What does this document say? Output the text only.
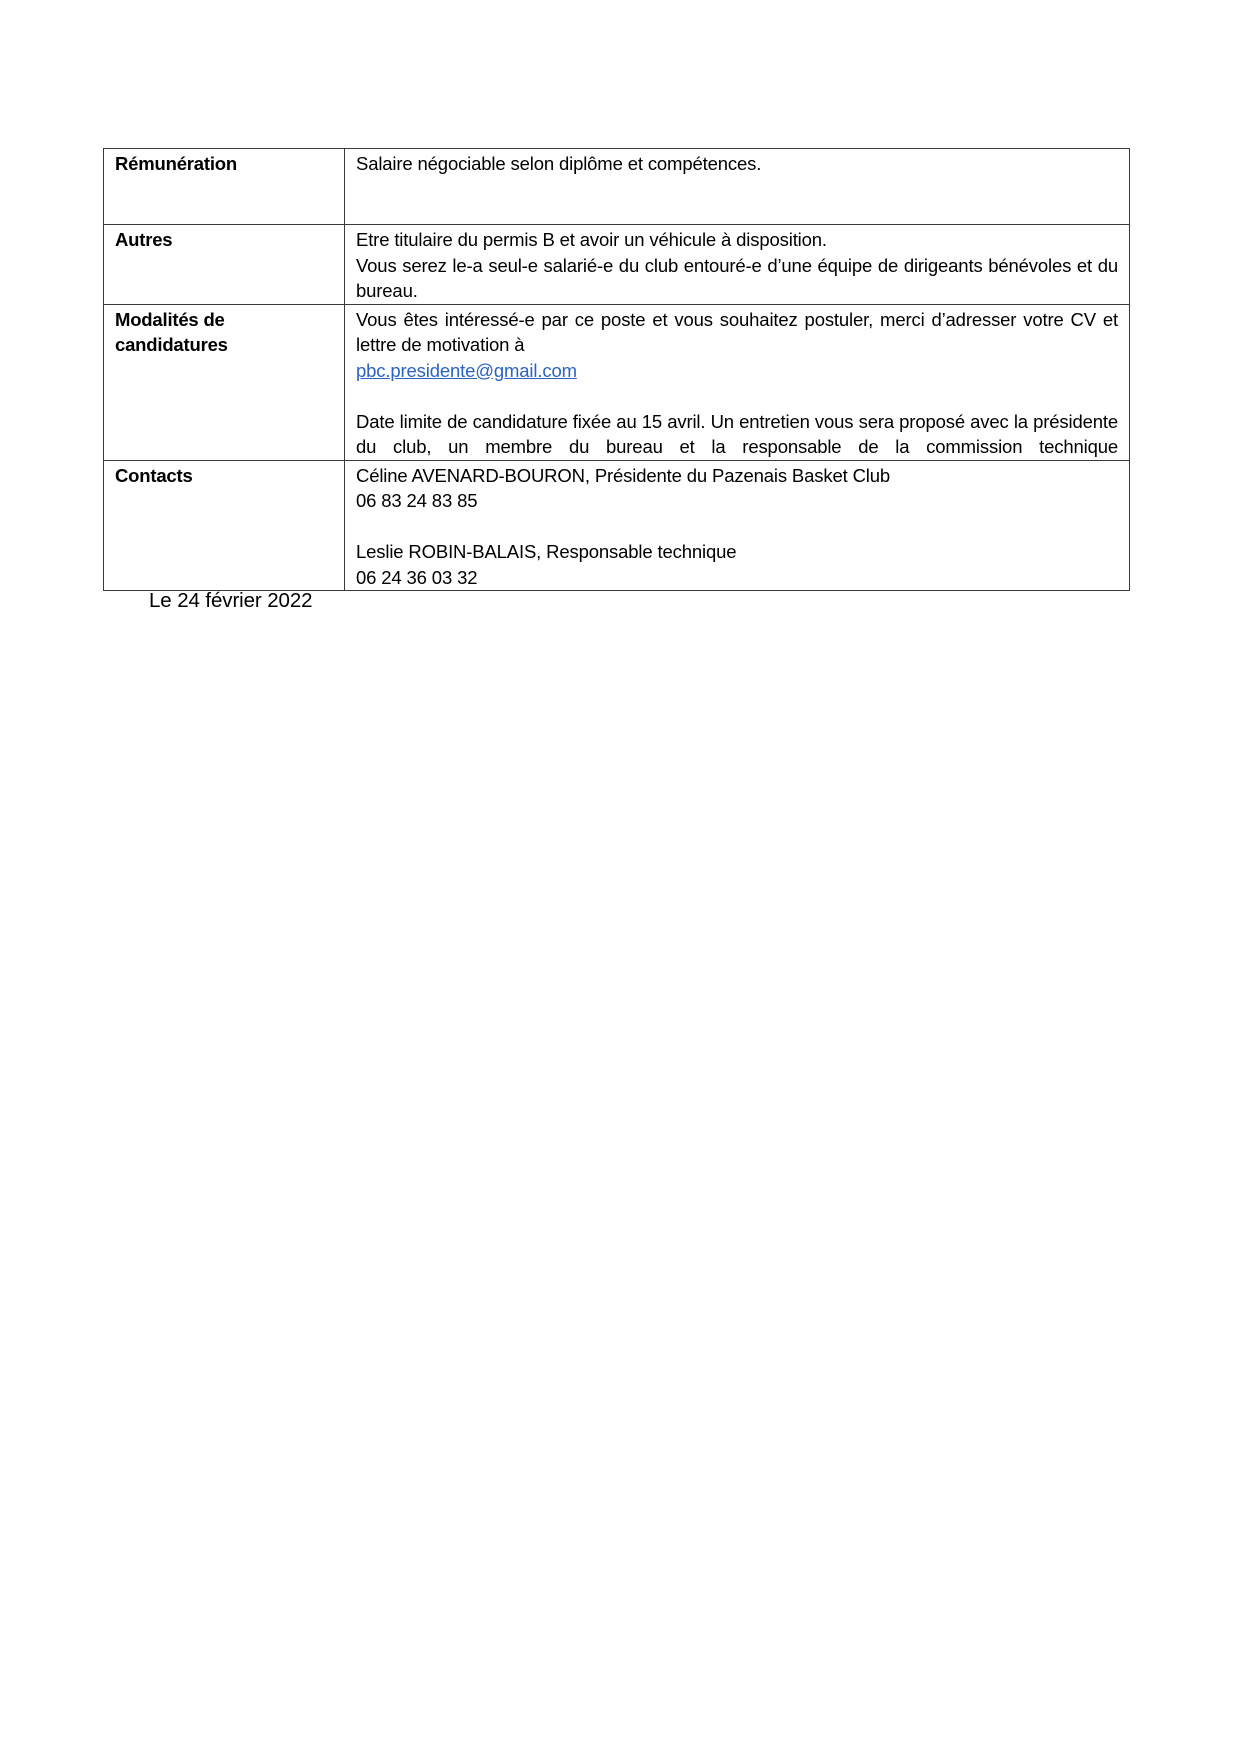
Rémunération	Salaire négociable selon diplôme et compétences.

Autres	Etre titulaire du permis B et avoir un véhicule à disposition.
Vous serez le-a seul-e salarié-e du club entouré-e d’une équipe de dirigeants bénévoles et du bureau.

Modalités de
candidatures	Vous êtes intéressé-e par ce poste et vous souhaitez postuler, merci d’adresser votre CV et lettre de motivation à
pbc.presidente@gmail.com
Date limite de candidature fixée au 15 avril. Un entretien vous sera proposé avec la présidente du club, un membre du bureau et la responsable de la commission technique

Contacts	Céline AVENARD-BOURON, Présidente du Pazenais Basket Club
06 83 24 83 85
Leslie ROBIN-BALAIS, Responsable technique
06 24 36 03 32
Le 24 février 2022
